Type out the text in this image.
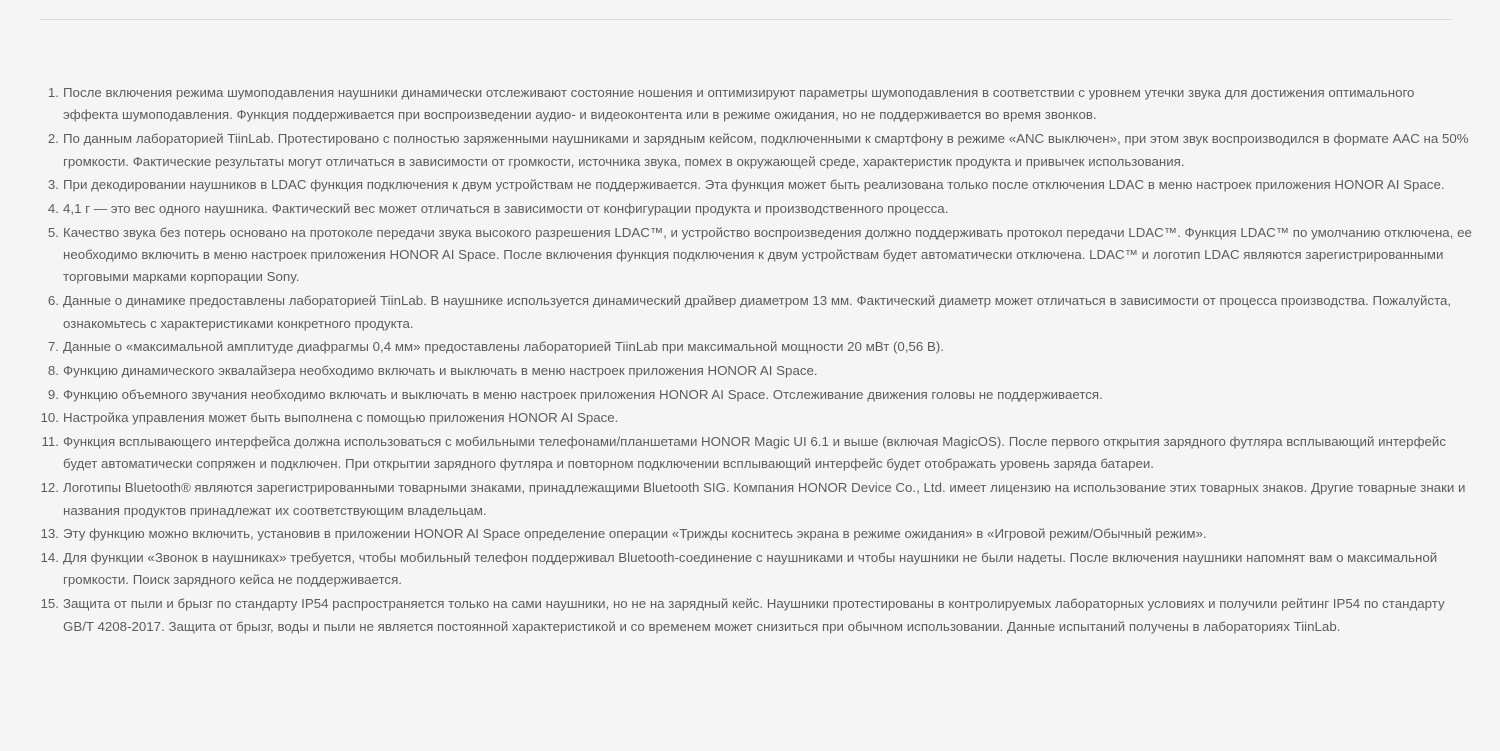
1. После включения режима шумоподавления наушники динамически отслеживают состояние ношения и оптимизируют параметры шумоподавления в соответствии с уровнем утечки звука для достижения оптимального эффекта шумоподавления. Функция поддерживается при воспроизведении аудио- и видеоконтента или в режиме ожидания, но не поддерживается во время звонков.
2. По данным лабораторией TiinLab. Протестировано с полностью заряженными наушниками и зарядным кейсом, подключенными к смартфону в режиме «ANC выключен», при этом звук воспроизводился в формате AAC на 50% громкости. Фактические результаты могут отличаться в зависимости от громкости, источника звука, помех в окружающей среде, характеристик продукта и привычек использования.
3. При декодировании наушников в LDAC функция подключения к двум устройствам не поддерживается. Эта функция может быть реализована только после отключения LDAC в меню настроек приложения HONOR AI Space.
4. 4,1 г — это вес одного наушника. Фактический вес может отличаться в зависимости от конфигурации продукта и производственного процесса.
5. Качество звука без потерь основано на протоколе передачи звука высокого разрешения LDAC™, и устройство воспроизведения должно поддерживать протокол передачи LDAC™. Функция LDAC™ по умолчанию отключена, ее необходимо включить в меню настроек приложения HONOR AI Space. После включения функция подключения к двум устройствам будет автоматически отключена. LDAC™ и логотип LDAC являются зарегистрированными торговыми марками корпорации Sony.
6. Данные о динамике предоставлены лабораторией TiinLab. В наушнике используется динамический драйвер диаметром 13 мм. Фактический диаметр может отличаться в зависимости от процесса производства. Пожалуйста, ознакомьтесь с характеристиками конкретного продукта.
7. Данные о «максимальной амплитуде диафрагмы 0,4 мм» предоставлены лабораторией TiinLab при максимальной мощности 20 мВт (0,56 В).
8. Функцию динамического эквалайзера необходимо включать и выключать в меню настроек приложения HONOR AI Space.
9. Функцию объемного звучания необходимо включать и выключать в меню настроек приложения HONOR AI Space. Отслеживание движения головы не поддерживается.
10. Настройка управления может быть выполнена с помощью приложения HONOR AI Space.
11. Функция всплывающего интерфейса должна использоваться с мобильными телефонами/планшетами HONOR Magic UI 6.1 и выше (включая MagicOS). После первого открытия зарядного футляра всплывающий интерфейс будет автоматически сопряжен и подключен. При открытии зарядного футляра и повторном подключении всплывающий интерфейс будет отображать уровень заряда батареи.
12. Логотипы Bluetooth® являются зарегистрированными товарными знаками, принадлежащими Bluetooth SIG. Компания HONOR Device Co., Ltd. имеет лицензию на использование этих товарных знаков. Другие товарные знаки и названия продуктов принадлежат их соответствующим владельцам.
13. Эту функцию можно включить, установив в приложении HONOR AI Space определение операции «Трижды коснитесь экрана в режиме ожидания» в «Игровой режим/Обычный режим».
14. Для функции «Звонок в наушниках» требуется, чтобы мобильный телефон поддерживал Bluetooth-соединение с наушниками и чтобы наушники не были надеты. После включения наушники напомнят вам о максимальной громкости. Поиск зарядного кейса не поддерживается.
15. Защита от пыли и брызг по стандарту IP54 распространяется только на сами наушники, но не на зарядный кейс. Наушники протестированы в контролируемых лабораторных условиях и получили рейтинг IP54 по стандарту GB/T 4208-2017. Защита от брызг, воды и пыли не является постоянной характеристикой и со временем может снизиться при обычном использовании. Данные испытаний получены в лабораториях TiinLab.
